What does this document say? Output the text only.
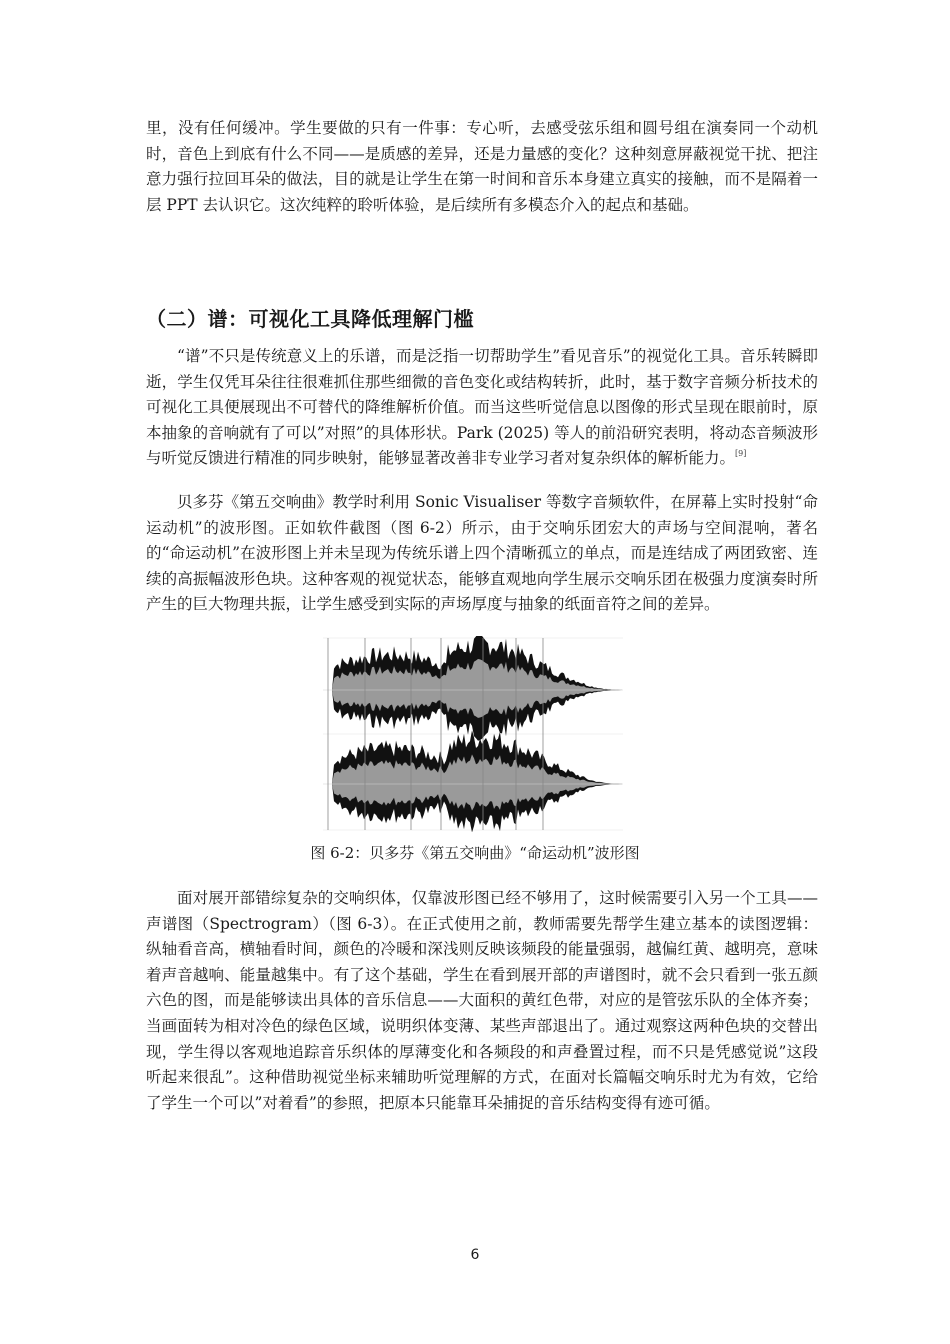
里，没有任何缓冲。学生要做的只有一件事：专心听，去感受弦乐组和圆号组在演奏同一个动机时，音色上到底有什么不同——是质感的差异，还是力量感的变化？这种刻意屏蔽视觉干扰、把注意力强行拉回耳朵的做法，目的就是让学生在第一时间和音乐本身建立真实的接触，而不是隔着一层 PPT 去认识它。这次纯粹的聆听体验，是后续所有多模态介入的起点和基础。

（二）谱：可视化工具降低理解门槛

“谱”不只是传统意义上的乐谱，而是泛指一切帮助学生”看见音乐”的视觉化工具。音乐转瞬即逝，学生仅凭耳朵往往很难抓住那些细微的音色变化或结构转折，此时，基于数字音频分析技术的可视化工具便展现出不可替代的降维解析价值。而当这些听觉信息以图像的形式呈现在眼前时，原本抽象的音响就有了可以”对照”的具体形状。Park (2025) 等人的前沿研究表明，将动态音频波形与听觉反馈进行精准的同步映射，能够显著改善非专业学习者对复杂织体的解析能力。[9]

贝多芬《第五交响曲》教学时利用 Sonic Visualiser 等数字音频软件，在屏幕上实时投射“命运动机”的波形图。正如软件截图（图 6-2）所示，由于交响乐团宏大的声场与空间混响，著名的“命运动机”在波形图上并未呈现为传统乐谱上四个清晰孤立的单点，而是连结成了两团致密、连续的高振幅波形色块。这种客观的视觉状态，能够直观地向学生展示交响乐团在极强力度演奏时所产生的巨大物理共振，让学生感受到实际的声场厚度与抽象的纸面音符之间的差异。

图 6-2：贝多芬《第五交响曲》“命运动机”波形图

面对展开部错综复杂的交响织体，仅靠波形图已经不够用了，这时候需要引入另一个工具——声谱图（Spectrogram）（图 6-3）。在正式使用之前，教师需要先帮学生建立基本的读图逻辑：纵轴看音高，横轴看时间，颜色的冷暖和深浅则反映该频段的能量强弱，越偏红黄、越明亮，意味着声音越响、能量越集中。有了这个基础，学生在看到展开部的声谱图时，就不会只看到一张五颜六色的图，而是能够读出具体的音乐信息——大面积的黄红色带，对应的是管弦乐队的全体齐奏；当画面转为相对冷色的绿色区域，说明织体变薄、某些声部退出了。通过观察这两种色块的交替出现，学生得以客观地追踪音乐织体的厚薄变化和各频段的和声叠置过程，而不只是凭感觉说”这段听起来很乱”。这种借助视觉坐标来辅助听觉理解的方式，在面对长篇幅交响乐时尤为有效，它给了学生一个可以”对着看”的参照，把原本只能靠耳朵捕捉的音乐结构变得有迹可循。

6
